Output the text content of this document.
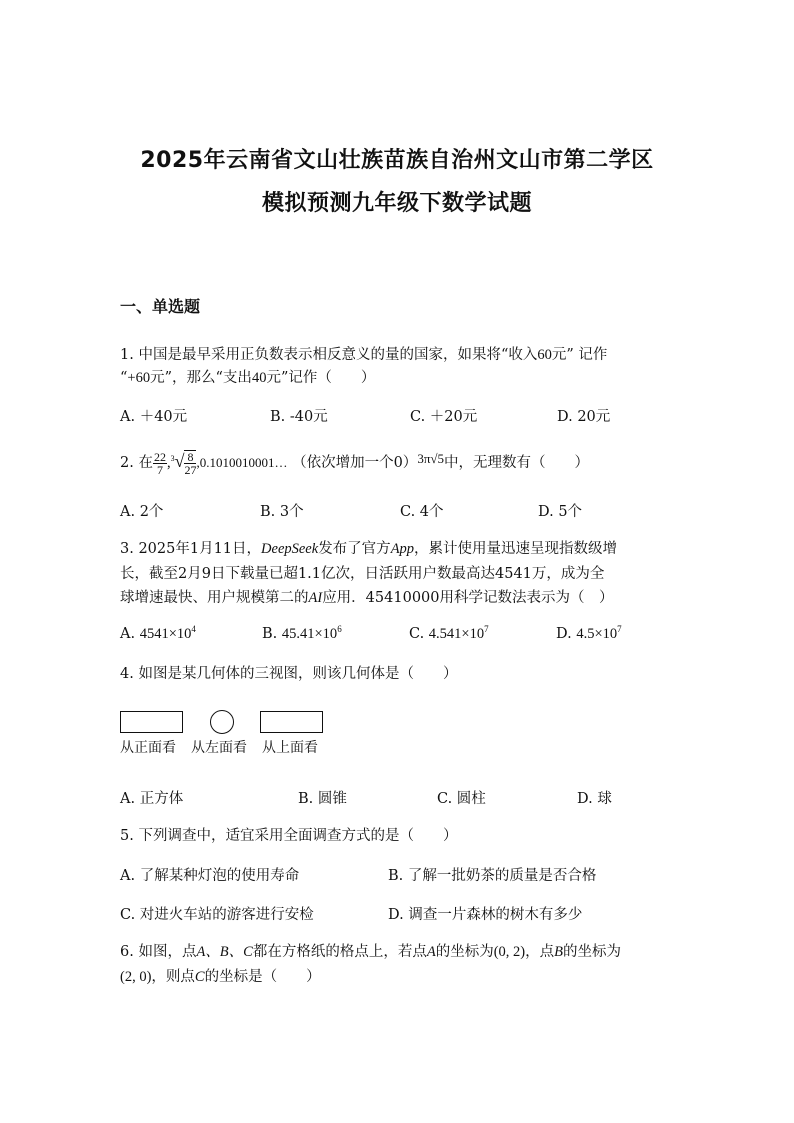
2025年云南省文山壮族苗族自治州文山市第二学区
模拟预测九年级下数学试题
一、单选题
1. 中国是最早采用正负数表示相反意义的量的国家，如果将“收入60元” 记作
“+60元”，那么“支出40元”记作（　　）
A. ＋40元	B. -40元	C. ＋20元	D. 20元
2. 在 $\frac{22}{7} ,^3√ \frac{8}{27}$ ,0.1010010001… （依次增加一个0）3π√5中，无理数有（　　）
A. 2个	B. 3个	C. 4个	D. 5个
3. 2025年1月11日，DeepSeek发布了官方App，累计使用量迅速呈现指数级增
长，截至2月9日下载量已超1.1亿次，日活跃用户数最高达4541万，成为全
球增速最快、用户规模第二的AI应用．45410000用科学记数法表示为（　）
A. $4541\times 10^4$	B. $45.41\times 10^6$	C. $4.541\times 10^7$	D. $4.5\times 10^7$
4. 如图是某几何体的三视图，则该几何体是（　　）
从正面看 从左面看 从上面看
A. 正方体	B. 圆锥	C. 圆柱	D. 球
5. 下列调查中，适宜采用全面调查方式的是（　　）
A. 了解某种灯泡的使用寿命	B. 了解一批奶茶的质量是否合格
C. 对进火车站的游客进行安检	D. 调查一片森林的树木有多少
6. 如图，点A、B、C都在方格纸的格点上，若点A的坐标为(0, 2)，点B的坐标为
(2, 0)，则点C的坐标是（　　）
